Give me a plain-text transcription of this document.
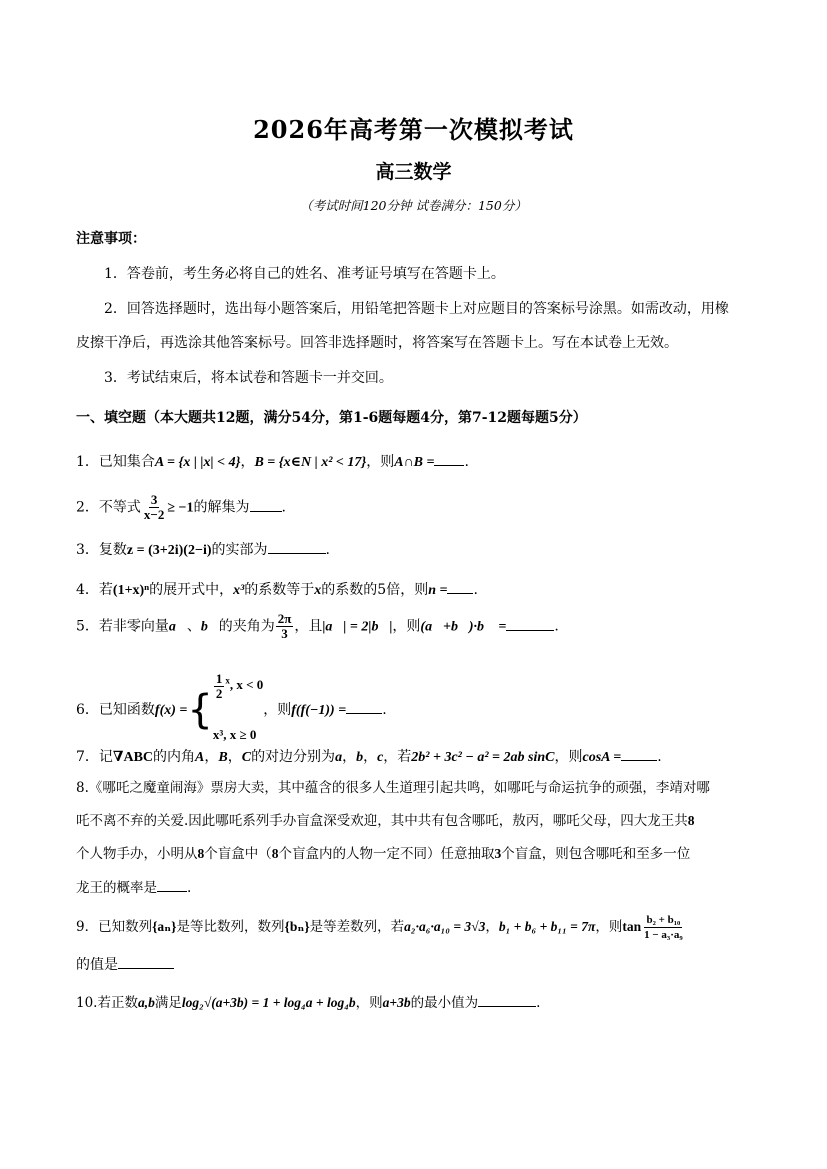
2026年高考第一次模拟考试
高三数学
（考试时间120分钟 试卷满分：150分）
注意事项：
1．答卷前，考生务必将自己的姓名、准考证号填写在答题卡上。
2．回答选择题时，选出每小题答案后，用铅笔把答题卡上对应题目的答案标号涂黑。如需改动，用橡
皮擦干净后，再选涂其他答案标号。回答非选择题时，将答案写在答题卡上。写在本试卷上无效。
3．考试结束后，将本试卷和答题卡一并交回。
一、填空题（本大题共12题，满分54分，第1-6题每题4分，第7-12题每题5分）
1．已知集合A = {x | |x| < 4}，B = {x∈N | x² < 17}，则A∩B = .
2．不等式 $\frac{3}{x-2} \ge -1$的解集为 .
3．复数z = (3+2i)(2−i)的实部为	.
4．若(1+x)ⁿ的展开式中，x³的系数等于x的系数的5倍，则n = .
5．若非零向量a⃗、b⃗的夹角为 $\frac{2\pi}{3}$ ，且|a⃗| = 2|b⃗|，则(a⃗+b⃗)·b⃗ =	.
6．已知函数f(x) = {
$\frac{1}{2} ^x$, x < 0
x³, x ≥ 0
，则f(f(−1)) =	.
7．记∇ABC的内角A，B，C的对边分别为a，b，c，若2b² + 3c² − a² = 2ab sinC，则cosA =	.
8.《哪吒之魔童闹海》票房大卖，其中蕴含的很多人生道理引起共鸣，如哪吒与命运抗争的顽强，李靖对哪
吒不离不弃的关爱.因此哪吒系列手办盲盒深受欢迎，其中共有包含哪吒，敖丙，哪吒父母，四大龙王共8
个人物手办，小明从8个盲盒中（8个盲盒内的人物一定不同）任意抽取3个盲盒，则包含哪吒和至多一位
龙王的概率是 .
9．已知数列{aₙ}是等比数列，数列{bₙ}是等差数列，若a₂·a₆·a₁₀ = 3√3，b₁ + b₆ + b₁₁ = 7π，则$\tan \frac{\text{b₂ + b₁₀}}{\text{1 − a₃·a₉}}$
的值是
10.若正数a,b满足log₂√(a+3b) = 1 + log₄a + log₄b，则a+3b的最小值为	.
